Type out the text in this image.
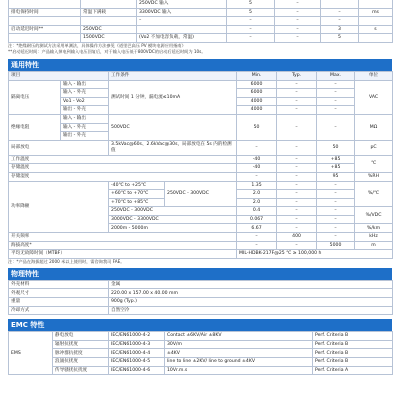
			250VDC 输入	5	–		
排电保持时间		常温下满载	3300VDC 输入	5	–	–	ms
			–	–	–	–	
启动延迟时间**		250VDC		–	–	3	s
		1500VDC	(Vo2 不加电容负载，常温)	–	–	5	
注：*绝缘耐压的测试方法采用单测法，具体操作方法参见《道里巴高压 PV 模块电源应用指南》
**启动延迟时间：产品输入掉电到输入电压回复后，对于输入电压低于800VDC的启动后延迟时间为 10s。
通用特性
项目		工作条件		Min.	Typ.	Max.	单位
隔离电压	输入 - 输出	测试时间 1 分钟，漏电流≤10mA		6000	–	–	VAC
	输入 - 外壳			6000	–	–	
	Vo1 - Vo2			4000	–	–	
	输出 - 外壳			4000	–	–	
绝缘电阻	输入 - 输出	500VDC		50	–	–	MΩ
	输入 - 外壳						
	输出 - 外壳						
局部放电		3.5kVac@60s、2.6kVac@30s，局部放电在 5s 内的检测值		–	–	50	pC
工作温度				-40	–	+85	℃
存储温度				-40	–	+85	
存储湿度				–	–	95	%RH
功率降额		-40℃ to +25℃	250VDC - 300VDC	1.35	–	–	%/℃
		+60℃ to +70℃		2.0	–	–	
		+70℃ to +85℃		2.0	–	–	
		250VDC - 300VDC		0.4	–	–	%/VDC
		3000VDC - 3300VDC		0.067	–	–	
		2000m - 5000m		6.67	–	–	%/km
开关频率				–	400	–	kHz
海拔高度*				–	–	5000	m
平均无故障时间（MTBF）				MIL-HDBK-217F@25 ℃ ≥ 100,000 h			
注：*产品在海拔超过 2000 米以上使用时，需咨询我司 FAE。
物理特性
外壳材料	金属
外观尺寸	220.00 x 157.00 x 40.00 mm
重量	900g (Typ.)
冷却方式	自然空冷
EMC 特性
EMS	静电放电	IEC/EN61000-4-2	Contact ±6KV/Air ±8KV	Perf. Criteria B
	辐射抗扰度	IEC/EN61000-4-3	30V/m	Perf. Criteria B
	脉冲群抗扰度	IEC/EN61000-4-4	±4KV	Perf. Criteria B
	浪涌抗扰度	IEC/EN61000-4-5	line to line ±2KV/ line to ground ±4KV	Perf. Criteria B
	传导骚扰抗扰度	IEC/EN61000-4-6	10Vr.m.s	Perf. Criteria A
